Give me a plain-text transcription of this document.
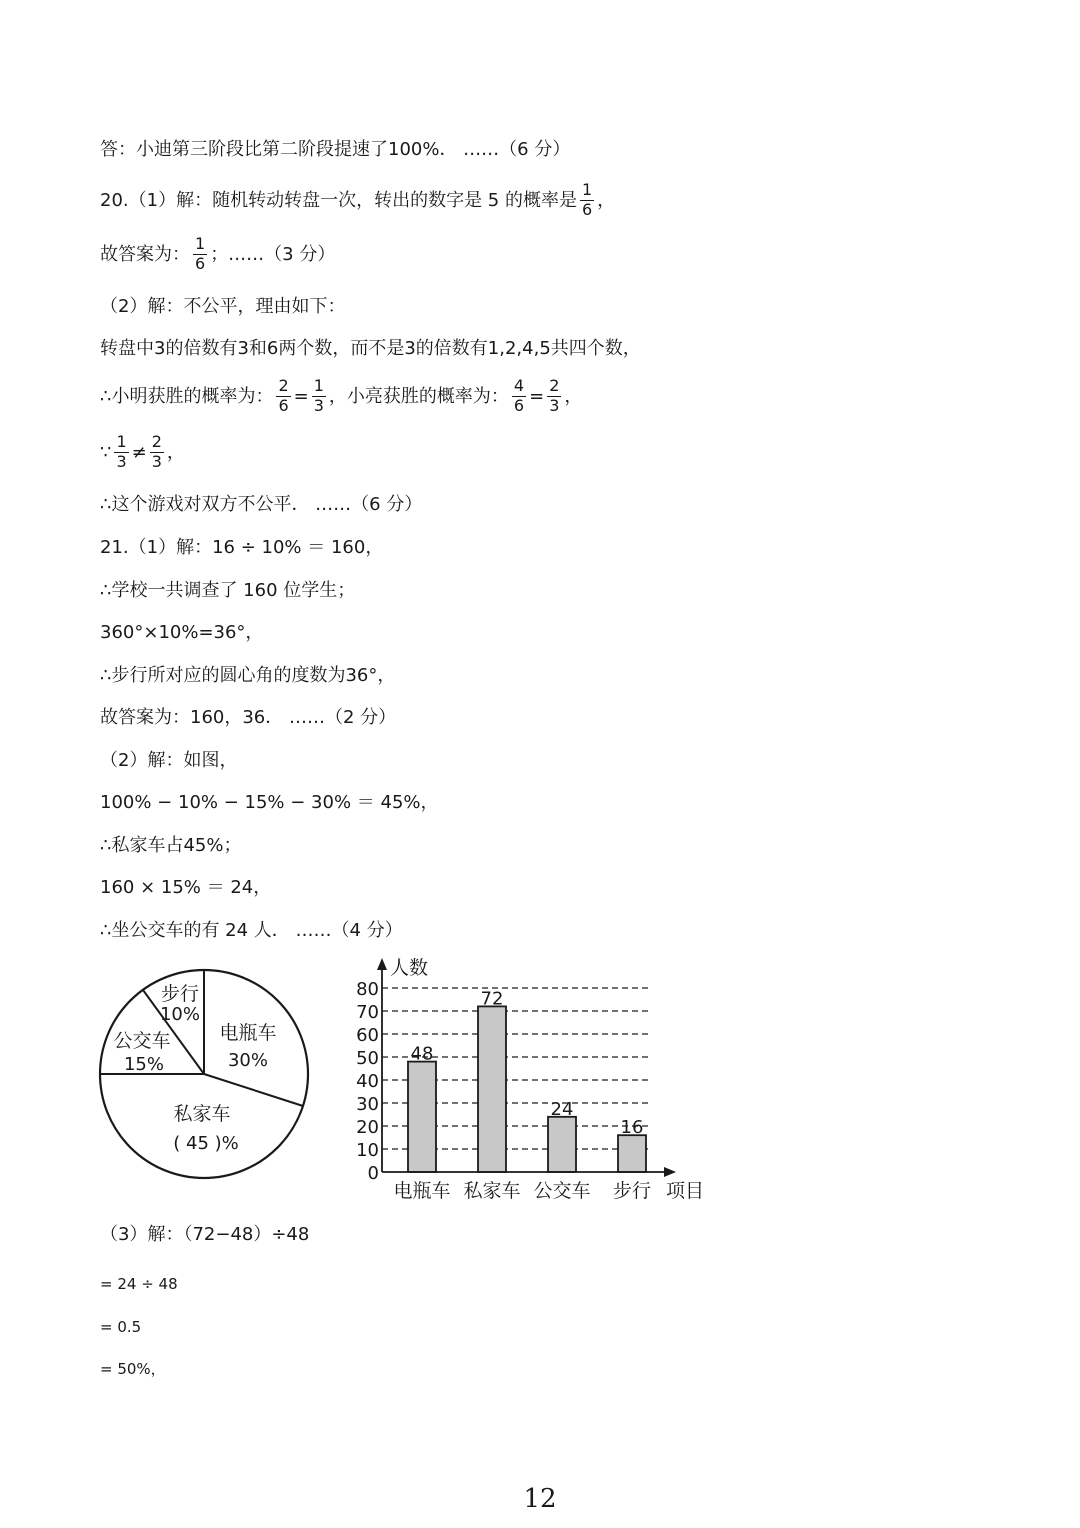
答：小迪第三阶段比第二阶段提速了100%． ……（6 分）
20.（1）解：随机转动转盘一次，转出的数字是 5 的概率是 $\frac{1}{6}$ ，
故答案为： $\frac{1}{6}$ ；……（3 分）
（2）解：不公平，理由如下：
转盘中3的倍数有3和6两个数，而不是3的倍数有1,2,4,5共四个数，
∴小明获胜的概率为： $\frac{2}{6} = \frac{1}{3}$ ，小亮获胜的概率为： $\frac{4}{6} = \frac{2}{3}$ ，
∵ $\frac{1}{3} \ne \frac{2}{3}$ ，
∴这个游戏对双方不公平． ……（6 分）
21.（1）解：16 ÷ 10% ＝ 160，
∴学校一共调查了 160 位学生；
360°×10%=36°，
∴步行所对应的圆心角的度数为36°，
故答案为：160，36． ……（2 分）
（2）解：如图，
100% − 10% − 15% − 30% ＝ 45%，
∴私家车占45%；
160 × 15% ＝ 24，
∴坐公交车的有 24 人． ……（4 分）
步行
10%
电瓶车
30%
公交车
15%
私家车
( 45 )%
0
10
20
30
40
50
60
70
80
48
电瓶车
72
私家车
24
公交车
16
步行
人数
项目
（3）解：（72−48）÷48
= 24 ÷ 48
= 0.5
= 50%，
12
